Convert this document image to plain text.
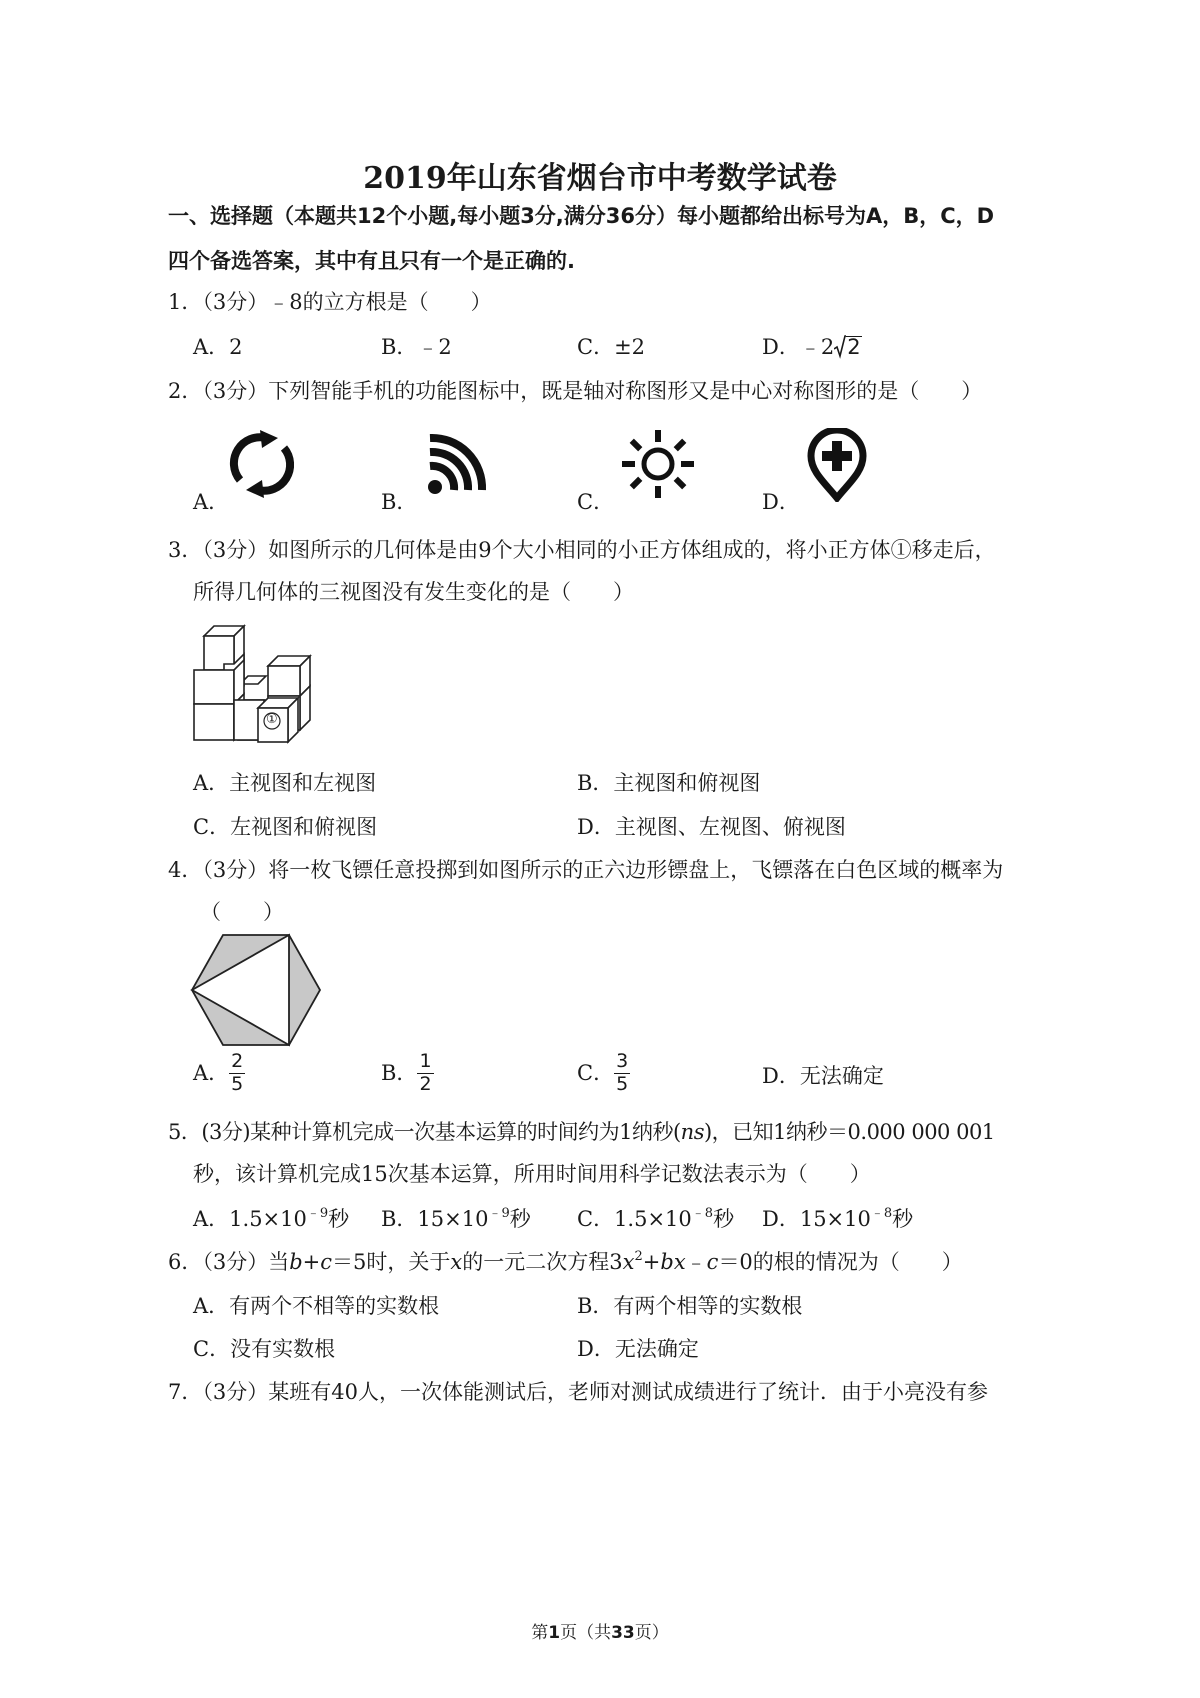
2019年山东省烟台市中考数学试卷
一、选择题（本题共12个小题,每小题3分,满分36分）每小题都给出标号为A，B，C，D
四个备选答案，其中有且只有一个是正确的.
1．（3分）﹣8的立方根是（　　）
A．2	B．﹣2	C．±2	D．﹣2 2
2．（3分）下列智能手机的功能图标中，既是轴对称图形又是中心对称图形的是（　　）
A．	B．	C．	D．
3．（3分）如图所示的几何体是由9个大小相同的小正方体组成的，将小正方体①移走后，
所得几何体的三视图没有发生变化的是（　　）
①
A．主视图和左视图	B．主视图和俯视图
C．左视图和俯视图	D．主视图、左视图、俯视图
4．（3分）将一枚飞镖任意投掷到如图所示的正六边形镖盘上，飞镖落在白色区域的概率为
（　　）
A． $\frac{2}{5}$	B． $\frac{1}{2}$	C． $\frac{3}{5}$	D．无法确定
5．(3分)某种计算机完成一次基本运算的时间约为1纳秒(ns)，已知1纳秒＝0.000 000 001
秒，该计算机完成15次基本运算，所用时间用科学记数法表示为（　　）
A．$1.5\times 10^{﹣9}$秒 B．$15\times 10^{﹣9}$秒 C．$1.5\times 10^{﹣8}$秒 D．$15\times 10^{﹣8}$秒
6．（3分）当b+c＝5时，关于x的一元二次方程$3x^2+bx﹣c=0$的根的情况为（　　）
A．有两个不相等的实数根	B．有两个相等的实数根
C．没有实数根	D．无法确定
7．（3分）某班有40人，一次体能测试后，老师对测试成绩进行了统计．由于小亮没有参
第1页（共33页）
